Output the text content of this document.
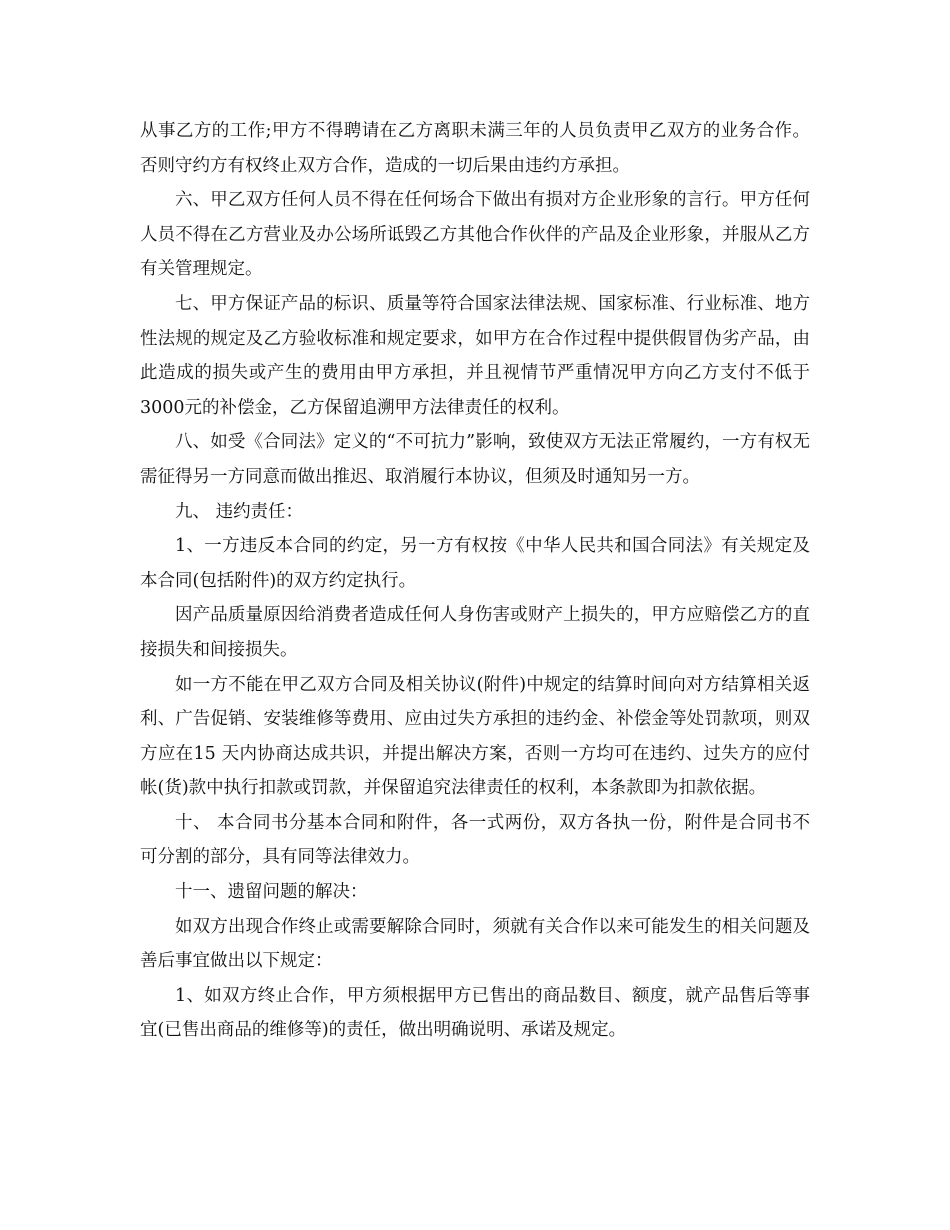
从事乙方的工作;甲方不得聘请在乙方离职未满三年的人员负责甲乙双方的业务合作。否则守约方有权终止双方合作，造成的一切后果由违约方承担。

六、甲乙双方任何人员不得在任何场合下做出有损对方企业形象的言行。甲方任何人员不得在乙方营业及办公场所诋毁乙方其他合作伙伴的产品及企业形象，并服从乙方有关管理规定。

七、甲方保证产品的标识、质量等符合国家法律法规、国家标准、行业标准、地方性法规的规定及乙方验收标准和规定要求，如甲方在合作过程中提供假冒伪劣产品，由此造成的损失或产生的费用由甲方承担，并且视情节严重情况甲方向乙方支付不低于3000元的补偿金，乙方保留追溯甲方法律责任的权利。

八、如受《合同法》定义的“不可抗力”影响，致使双方无法正常履约，一方有权无需征得另一方同意而做出推迟、取消履行本协议，但须及时通知另一方。

九、 违约责任：

1、一方违反本合同的约定，另一方有权按《中华人民共和国合同法》有关规定及本合同(包括附件)的双方约定执行。

因产品质量原因给消费者造成任何人身伤害或财产上损失的，甲方应赔偿乙方的直接损失和间接损失。

如一方不能在甲乙双方合同及相关协议(附件)中规定的结算时间向对方结算相关返利、广告促销、安装维修等费用、应由过失方承担的违约金、补偿金等处罚款项，则双方应在15 天内协商达成共识，并提出解决方案，否则一方均可在违约、过失方的应付帐(货)款中执行扣款或罚款，并保留追究法律责任的权利，本条款即为扣款依据。

十、 本合同书分基本合同和附件，各一式两份，双方各执一份，附件是合同书不可分割的部分，具有同等法律效力。

十一、遗留问题的解决：

如双方出现合作终止或需要解除合同时，须就有关合作以来可能发生的相关问题及善后事宜做出以下规定：

1、如双方终止合作，甲方须根据甲方已售出的商品数目、额度，就产品售后等事宜(已售出商品的维修等)的责任，做出明确说明、承诺及规定。
